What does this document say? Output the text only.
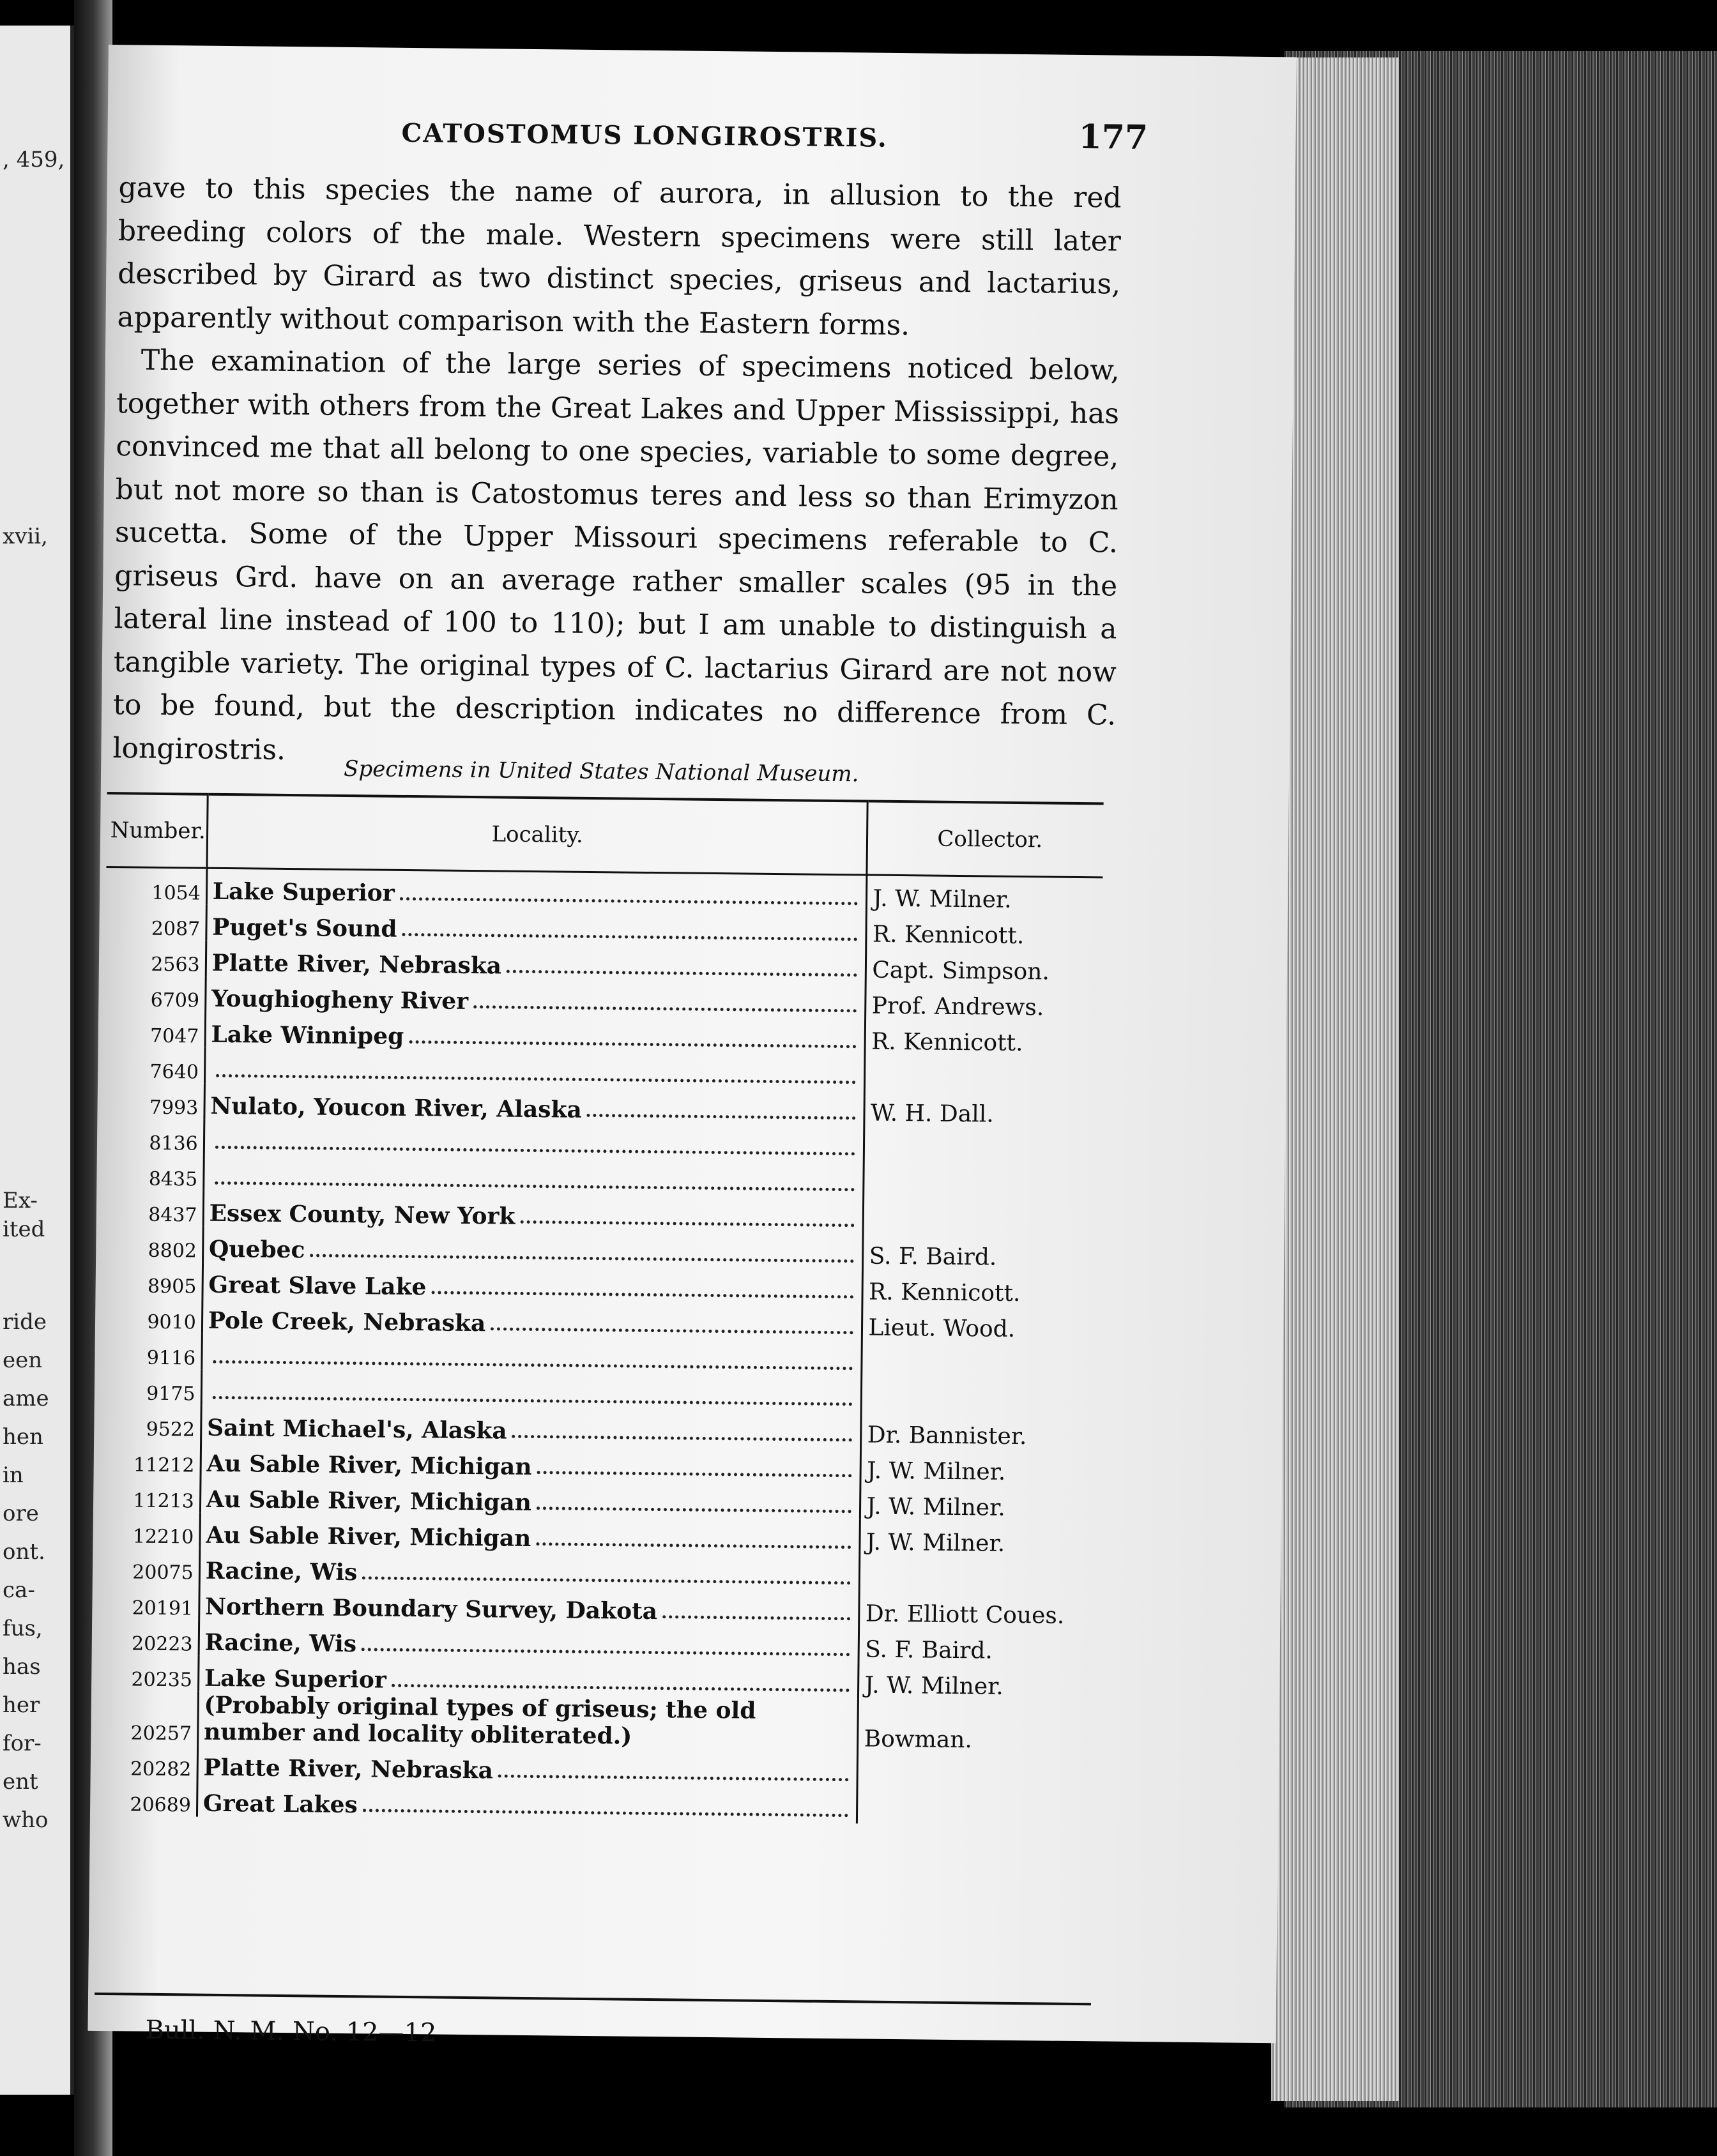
, 459,
xvii,
Ex-
ited
ride
een
ame
hen
in
ore
ont.
ca-
fus,
has
her
for-
ent
who
CATOSTOMUS LONGIROSTRIS.	177

gave to this species the name of aurora, in allusion to the red breeding colors of the male. Western specimens were still later described by Girard as two distinct species, griseus and lactarius, apparently without comparison with the Eastern forms.

The examination of the large series of specimens noticed below, together with others from the Great Lakes and Upper Mississippi, has convinced me that all belong to one species, variable to some degree, but not more so than is Catostomus teres and less so than Erimyzon sucetta. Some of the Upper Missouri specimens referable to C. griseus Grd. have on an average rather smaller scales (95 in the lateral line instead of 100 to 110); but I am unable to distinguish a tangible variety. The original types of C. lactarius Girard are not now to be found, but the description indicates no difference from C. longirostris.

Specimens in United States National Museum.
Number.	Locality.	Collector.
1054	Lake Superior	J. W. Milner.
2087	Puget's Sound	R. Kennicott.
2563	Platte River, Nebraska	Capt. Simpson.
6709	Youghiogheny River	Prof. Andrews.
7047	Lake Winnipeg	R. Kennicott.
7640	

7993	Nulato, Youcon River, Alaska	W. H. Dall.
8136	

8435	

8437	Essex County, New York	

8802	Quebec	S. F. Baird.
8905	Great Slave Lake	R. Kennicott.
9010	Pole Creek, Nebraska	Lieut. Wood.
9116	

9175	

9522	Saint Michael's, Alaska	Dr. Bannister.
11212	Au Sable River, Michigan	J. W. Milner.
11213	Au Sable River, Michigan	J. W. Milner.
12210	Au Sable River, Michigan	J. W. Milner.
20075	Racine, Wis	

20191	Northern Boundary Survey, Dakota	Dr. Elliott Coues.
20223	Racine, Wis	S. F. Baird.
20235	Lake Superior	J. W. Milner.
20257	(Probably original types of griseus; the old number and locality obliterated.)	Bowman.
20282	Platte River, Nebraska	

20689	Great Lakes	

Bull. N. M. No. 12—12
